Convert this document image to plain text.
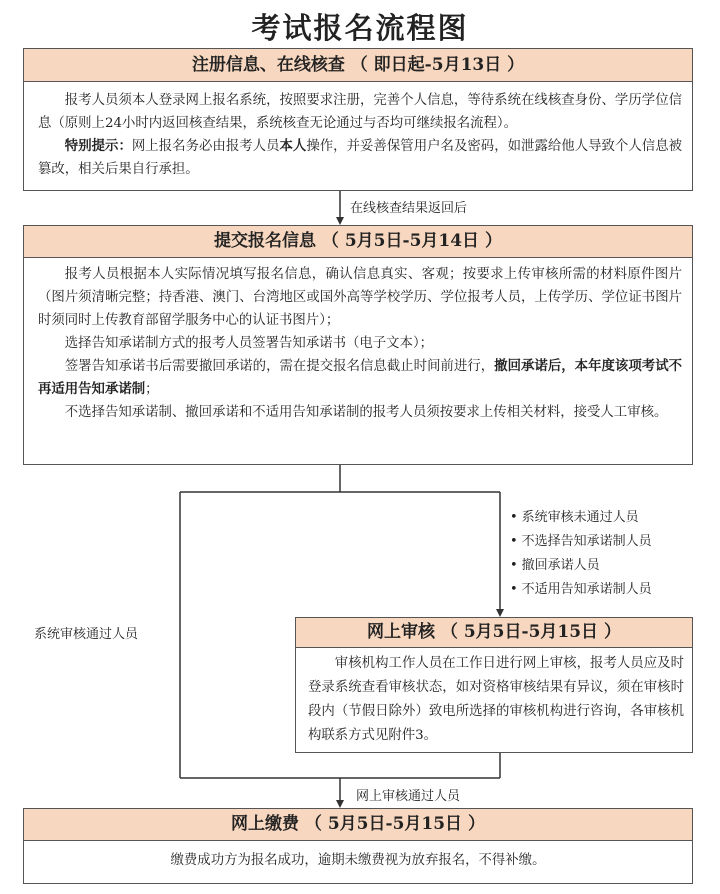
考试报名流程图
注册信息、在线核查 （ 即日起-5月13日 ）

报考人员须本人登录网上报名系统，按照要求注册，完善个人信息，等待系统在线核查身份、学历学位信息（原则上24小时内返回核查结果，系统核查无论通过与否均可继续报名流程）。

特别提示：网上报名务必由报考人员本人操作，并妥善保管用户名及密码，如泄露给他人导致个人信息被篡改，相关后果自行承担。

提交报名信息 （ 5月5日-5月14日 ）

报考人员根据本人实际情况填写报名信息，确认信息真实、客观；按要求上传审核所需的材料原件图片（图片须清晰完整；持香港、澳门、台湾地区或国外高等学校学历、学位报考人员，上传学历、学位证书图片时须同时上传教育部留学服务中心的认证书图片）；

选择告知承诺制方式的报考人员签署告知承诺书（电子文本）；

签署告知承诺书后需要撤回承诺的，需在提交报名信息截止时间前进行，撤回承诺后，本年度该项考试不再适用告知承诺制；

不选择告知承诺制、撤回承诺和不适用告知承诺制的报考人员须按要求上传相关材料，接受人工审核。

网上审核 （ 5月5日-5月15日 ）

审核机构工作人员在工作日进行网上审核，报考人员应及时登录系统查看审核状态，如对资格审核结果有异议，须在审核时段内（节假日除外）致电所选择的审核机构进行咨询，各审核机构联系方式见附件3。

网上缴费 （ 5月5日-5月15日 ）
缴费成功方为报名成功，逾期未缴费视为放弃报名，不得补缴。
在线核查结果返回后
系统审核通过人员
• 系统审核未通过人员
• 不选择告知承诺制人员
• 撤回承诺人员
• 不适用告知承诺制人员
网上审核通过人员
